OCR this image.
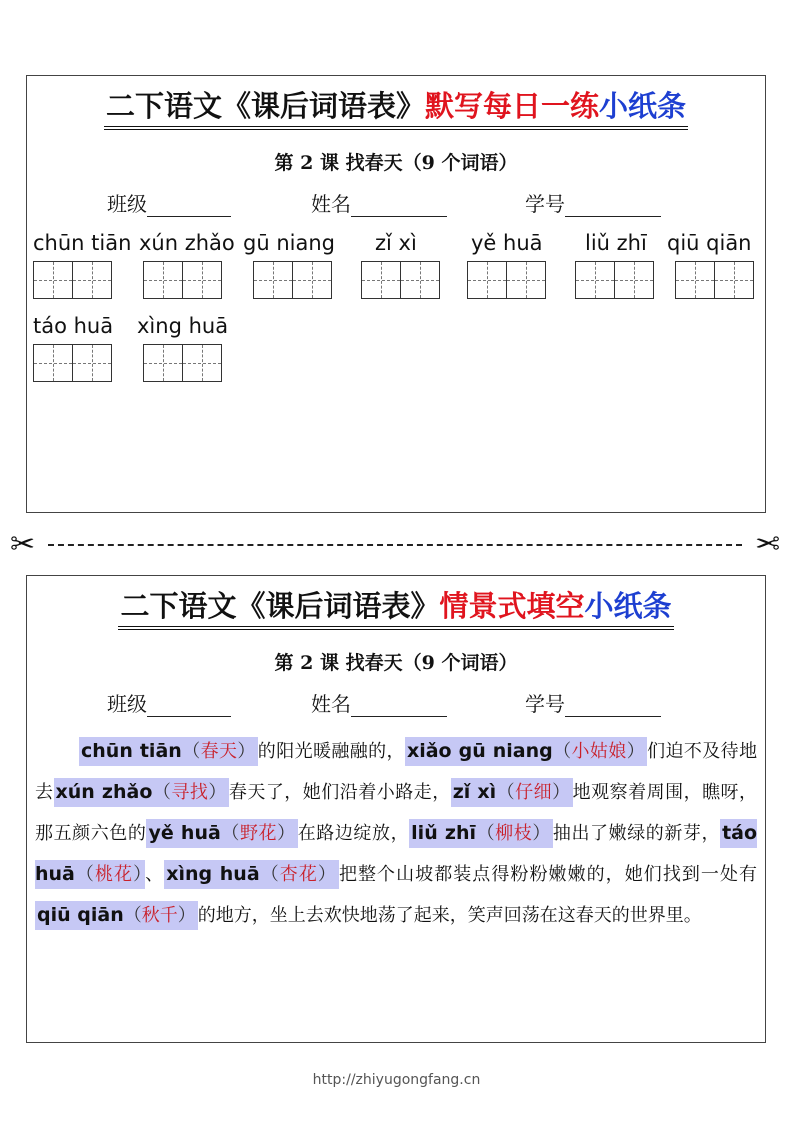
二下语文《课后词语表》默写每日一练小纸条
第 2 课 找春天（9 个词语）
班级	姓名	学号
chūn tiān xún zhǎo gū niang zǐ xì	yě huā liǔ zhī qiū qiān
táo huā xìng huā
✂	✂
二下语文《课后词语表》情景式填空小纸条
第 2 课 找春天（9 个词语）
班级	姓名	学号
chūn tiān（春天） 的阳光暖融融的， xiǎo gū niang（小姑娘） 们迫不及待地去 xún zhǎo（寻找） 春天了，她们沿着小路走， zǐ xì（仔细） 地观察着周围，瞧呀，那五颜六色的 yě huā（野花） 在路边绽放， liǔ zhī（柳枝） 抽出了嫩绿的新芽， táo huā（桃花） 、 xìng huā（杏花） 把整个山坡都装点得粉粉嫩嫩的，她们找到一处有qiū qiān（秋千） 的地方，坐上去欢快地荡了起来，笑声回荡在这春天的世界里。
http://zhiyugongfang.cn
